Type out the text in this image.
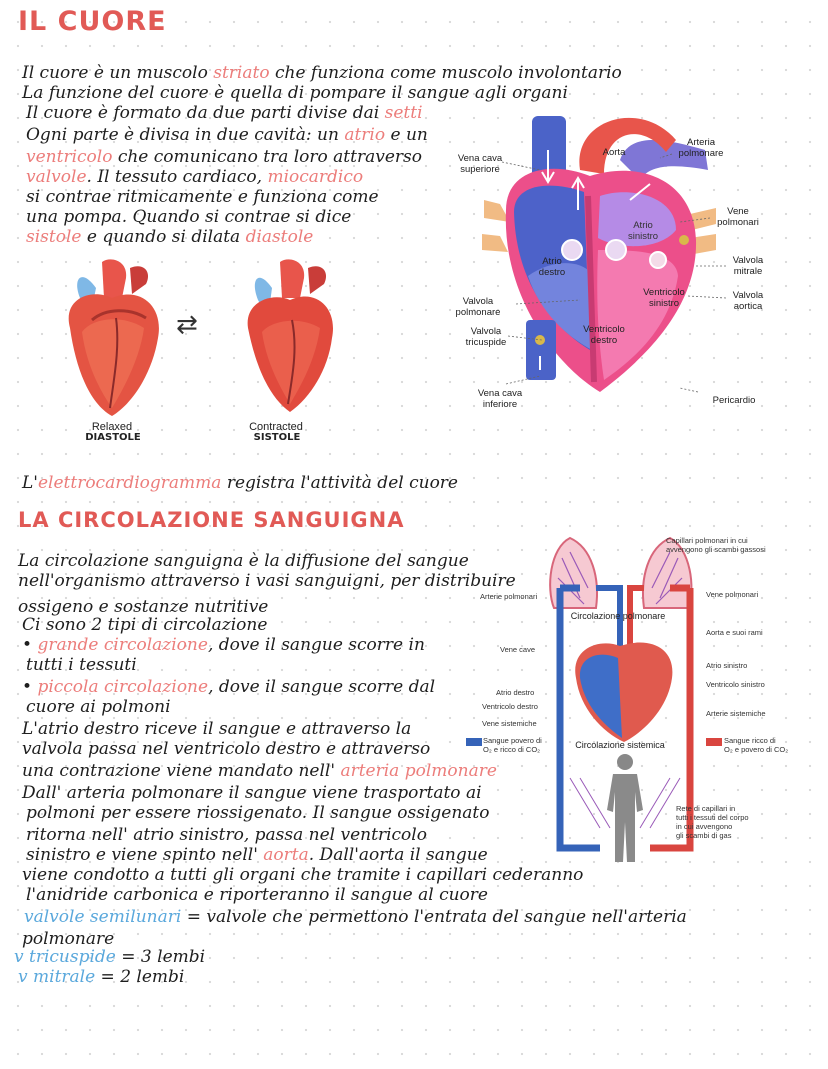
IL CUORE
Il cuore è un muscolo striato che funziona come muscolo involontario
La funzione del cuore è quella di pompare il sangue agli organi
Il cuore è formato da due parti divise dai setti
Ogni parte è divisa in due cavità: un atrio e un
ventricolo che comunicano tra loro attraverso
valvole. Il tessuto cardiaco, miocardico
si contrae ritmicamente e funziona come
una pompa. Quando si contrae si dice
sistole e quando si dilata diastole
⇄
Relaxed
DIASTOLE
Contracted
SISTOLE
Vena cava
superiore
Aorta
Arteria
polmonare
Vene
polmonari
Atrio
sinistro
Atrio
destro
Valvola
mitrale
Ventricolo
sinistro
Valvola
aortica
Valvola
polmonare
Valvola
tricuspide
Ventricolo
destro
Vena cava
inferiore	Pericardio
L'elettrocardiogramma registra l'attività del cuore
LA CIRCOLAZIONE SANGUIGNA
Capillari polmonari in cui
avvengono gli scambi gassosi
Arterie polmonari	Vene polmonari
Circolazione polmonare
Aorta e suoi rami
Vene cave
Atrio sinistro
Ventricolo sinistro
Atrio destro
Ventricolo destro
Arterie sistemiche
Vene sistemiche
Circolazione sistemica
Sangue povero di
O₂ e ricco di CO₂
Sangue ricco di
O₂ e povero di CO₂
Rete di capillari in
tutti i tessuti del corpo
in cui avvengono
gli scambi di gas
La circolazione sanguigna è la diffusione del sangue
nell'organismo attraverso i vasi sanguigni, per distribuire
ossigeno e sostanze nutritive
Ci sono 2 tipi di circolazione
• grande circolazione, dove il sangue scorre in
tutti i tessuti
• piccola circolazione, dove il sangue scorre dal
cuore ai polmoni
L'atrio destro riceve il sangue e attraverso la
valvola passa nel ventricolo destro e attraverso
una contrazione viene mandato nell' arteria polmonare
Dall' arteria polmonare il sangue viene trasportato ai
polmoni per essere riossigenato. Il sangue ossigenato
ritorna nell' atrio sinistro, passa nel ventricolo
sinistro e viene spinto nell' aorta. Dall'aorta il sangue
viene condotto a tutti gli organi che tramite i capillari cederanno
l'anidride carbonica e riporteranno il sangue al cuore
valvole semilunari = valvole che permettono l'entrata del sangue nell'arteria
polmonare
v tricuspide = 3 lembi
v mitrale = 2 lembi
